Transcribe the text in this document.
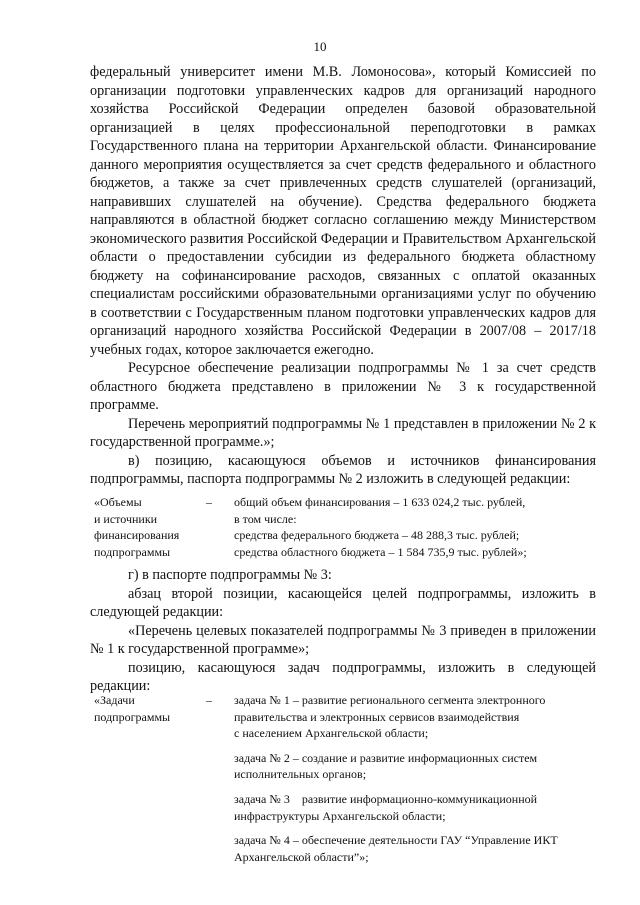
10

федеральный университет имени М.В. Ломоносова», который Комиссией по организации подготовки управленческих кадров для организаций народного хозяйства Российской Федерации определен базовой образовательной организацией в целях профессиональной переподготовки в рамках Государственного плана на территории Архангельской области. Финансирование данного мероприятия осуществляется за счет средств федерального и областного бюджетов, а также за счет привлеченных средств слушателей (организаций, направивших слушателей на обучение). Средства федерального бюджета направляются в областной бюджет согласно соглашению между Министерством экономического развития Российской Федерации и Правительством Архангельской области о предоставлении субсидии из федерального бюджета областному бюджету на софинансирование расходов, связанных с оплатой оказанных специалистам российскими образовательными организациями услуг по обучению в соответствии с Государственным планом подготовки управленческих кадров для организаций народного хозяйства Российской Федерации в 2007/08 – 2017/18 учебных годах, которое заключается ежегодно.

Ресурсное обеспечение реализации подпрограммы № 1 за счет средств областного бюджета представлено в приложении № 3 к государственной программе.

Перечень мероприятий подпрограммы № 1 представлен в приложении № 2 к государственной программе.»;

в) позицию, касающуюся объемов и источников финансирования подпрограммы, паспорта подпрограммы № 2 изложить в следующей редакции:

«Объемы
и источники
финансирования
подпрограммы
–	общий объем финансирования – 1 633 024,2 тыс. рублей,
в том числе:
средства федерального бюджета – 48 288,3 тыс. рублей;
средства областного бюджета – 1 584 735,9 тыс. рублей»;

г) в паспорте подпрограммы № 3:

абзац второй позиции, касающейся целей подпрограммы, изложить в следующей редакции:

«Перечень целевых показателей подпрограммы № 3 приведен в приложении № 1 к государственной программе»;

позицию, касающуюся задач подпрограммы, изложить в следующей редакции:

«Задачи
подпрограммы
–	задача № 1 – развитие регионального сегмента электронного
правительства и электронных сервисов взаимодействия
с населением Архангельской области;
задача № 2 – создание и развитие информационных систем
исполнительных органов;
задача № 3    развитие информационно-коммуникационной
инфраструктуры Архангельской области;
задача № 4 – обеспечение деятельности ГАУ “Управление ИКТ
Архангельской области”»;
